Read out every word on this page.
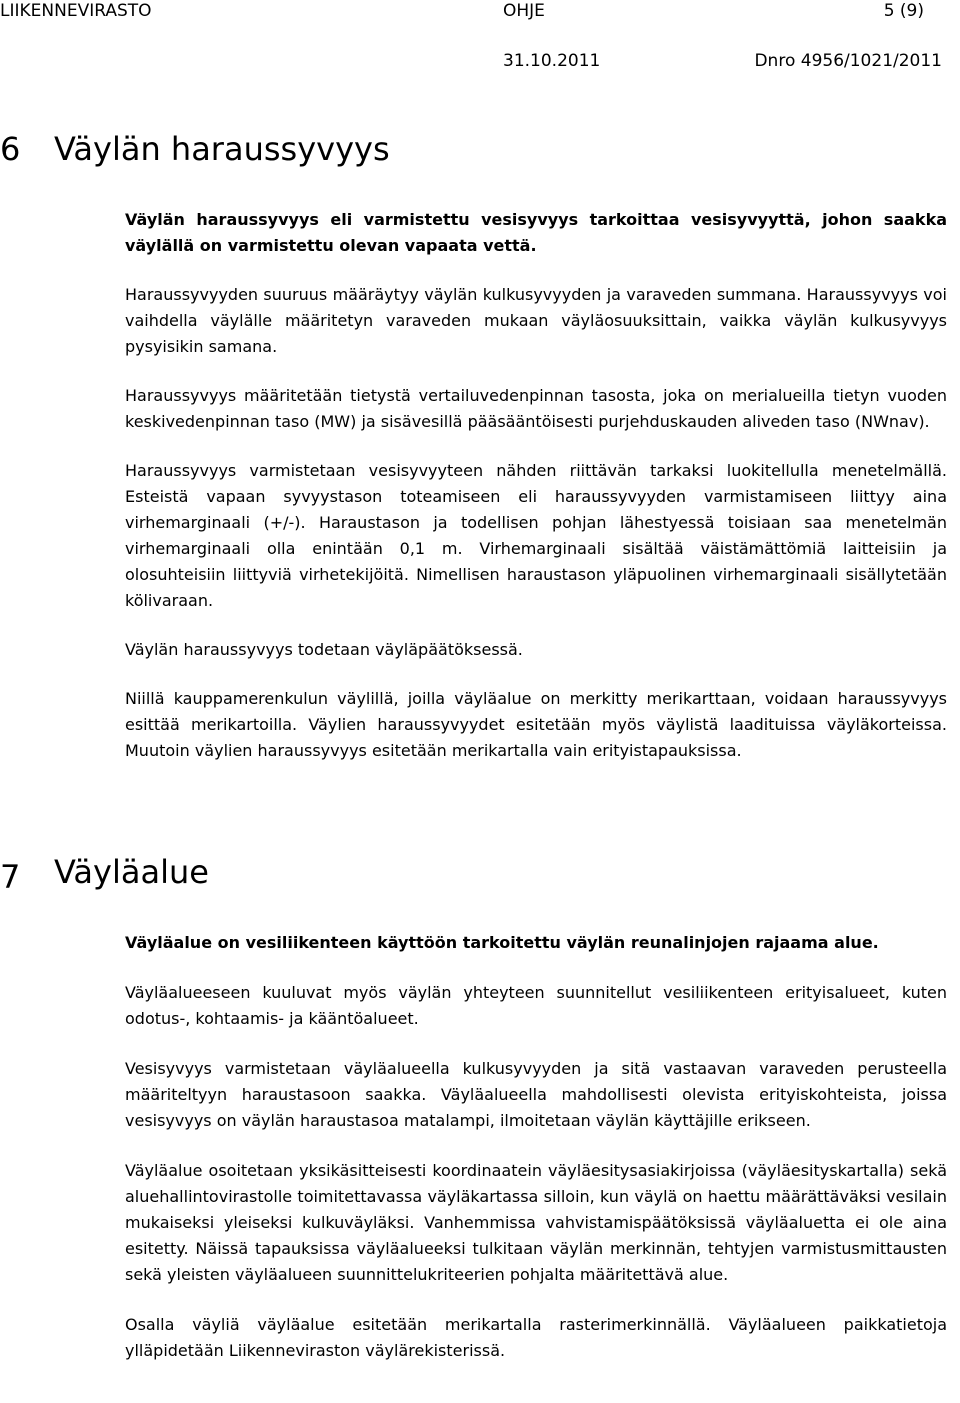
LIIKENNEVIRASTO	OHJE	5 (9)
31.10.2011	Dnro 4956/1021/2011
6 Väylän haraussyvyys

Väylän haraussyvyys eli varmistettu vesisyvyys tarkoittaa vesisyvyyttä, johon saakka väylällä on varmistettu olevan vapaata vettä.

Haraussyvyyden suuruus määräytyy väylän kulkusyvyyden ja varaveden summana. Haraussyvyys voi vaihdella väylälle määritetyn varaveden mukaan väyläosuuksittain, vaikka väylän kulkusyvyys pysyisikin samana.

Haraussyvyys määritetään tietystä vertailuvedenpinnan tasosta, joka on merialueilla tietyn vuoden keskivedenpinnan taso (MW) ja sisävesillä pääsääntöisesti purjehduskauden aliveden taso (NWnav).

Haraussyvyys varmistetaan vesisyvyyteen nähden riittävän tarkaksi luokitellulla menetelmällä. Esteistä vapaan syvyystason toteamiseen eli haraussyvyyden varmistamiseen liittyy aina virhemarginaali (+/-). Haraustason ja todellisen pohjan lähestyessä toisiaan saa menetelmän virhemarginaali olla enintään 0,1 m. Virhemarginaali sisältää väistämättömiä laitteisiin ja olosuhteisiin liittyviä virhetekijöitä. Nimellisen haraustason yläpuolinen virhemarginaali sisällytetään kölivaraan.

Väylän haraussyvyys todetaan väyläpäätöksessä.

Niillä kauppamerenkulun väylillä, joilla väyläalue on merkitty merikarttaan, voidaan haraussyvyys esittää merikartoilla. Väylien haraussyvyydet esitetään myös väylistä laadituissa väyläkorteissa. Muutoin väylien haraussyvyys esitetään merikartalla vain erityistapauksissa.

7 Väyläalue

Väyläalue on vesiliikenteen käyttöön tarkoitettu väylän reunalinjojen rajaama alue.

Väyläalueeseen kuuluvat myös väylän yhteyteen suunnitellut vesiliikenteen erityisalueet, kuten odotus-, kohtaamis- ja kääntöalueet.

Vesisyvyys varmistetaan väyläalueella kulkusyvyyden ja sitä vastaavan varaveden perusteella määriteltyyn haraustasoon saakka. Väyläalueella mahdollisesti olevista erityiskohteista, joissa vesisyvyys on väylän haraustasoa matalampi, ilmoitetaan väylän käyttäjille erikseen.

Väyläalue osoitetaan yksikäsitteisesti koordinaatein väyläesitysasiakirjoissa (väyläesityskartalla) sekä aluehallintovirastolle toimitettavassa väyläkartassa silloin, kun väylä on haettu määrättäväksi vesilain mukaiseksi yleiseksi kulkuväyläksi. Vanhemmissa vahvistamispäätöksissä väyläaluetta ei ole aina esitetty. Näissä tapauksissa väyläalueeksi tulkitaan väylän merkinnän, tehtyjen varmistusmittausten sekä yleisten väyläalueen suunnittelukriteerien pohjalta määritettävä alue.

Osalla väyliä väyläalue esitetään merikartalla rasterimerkinnällä. Väyläalueen paikkatietoja ylläpidetään Liikenneviraston väylärekisterissä.
